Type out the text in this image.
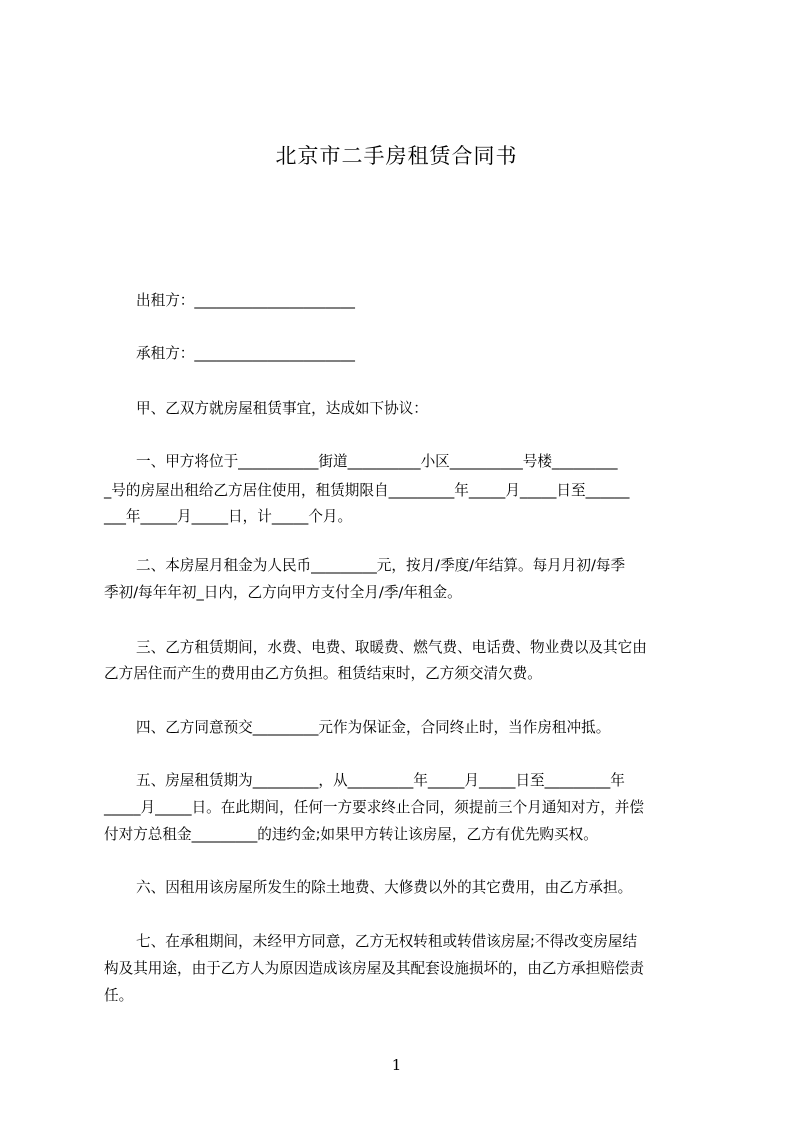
北京市二手房租赁合同书
出租方：______________________
承租方：______________________
甲、乙双方就房屋租赁事宜，达成如下协议：
一、甲方将位于___________街道__________小区__________号楼_________
_号的房屋出租给乙方居住使用，租赁期限自_________年_____月_____日至______
___年_____月_____日，计_____个月。
二、本房屋月租金为人民币_________元，按月/季度/年结算。每月月初/每季
季初/每年年初_日内，乙方向甲方支付全月/季/年租金。
三、乙方租赁期间，水费、电费、取暖费、燃气费、电话费、物业费以及其它由
乙方居住而产生的费用由乙方负担。租赁结束时，乙方须交清欠费。
四、乙方同意预交_________元作为保证金，合同终止时，当作房租冲抵。
五、房屋租赁期为_________，从_________年_____月_____日至_________年
_____月_____日。在此期间，任何一方要求终止合同，须提前三个月通知对方，并偿
付对方总租金_________的违约金;如果甲方转让该房屋，乙方有优先购买权。
六、因租用该房屋所发生的除土地费、大修费以外的其它费用，由乙方承担。
七、在承租期间，未经甲方同意，乙方无权转租或转借该房屋;不得改变房屋结
构及其用途，由于乙方人为原因造成该房屋及其配套设施损坏的，由乙方承担赔偿责
任。
1
